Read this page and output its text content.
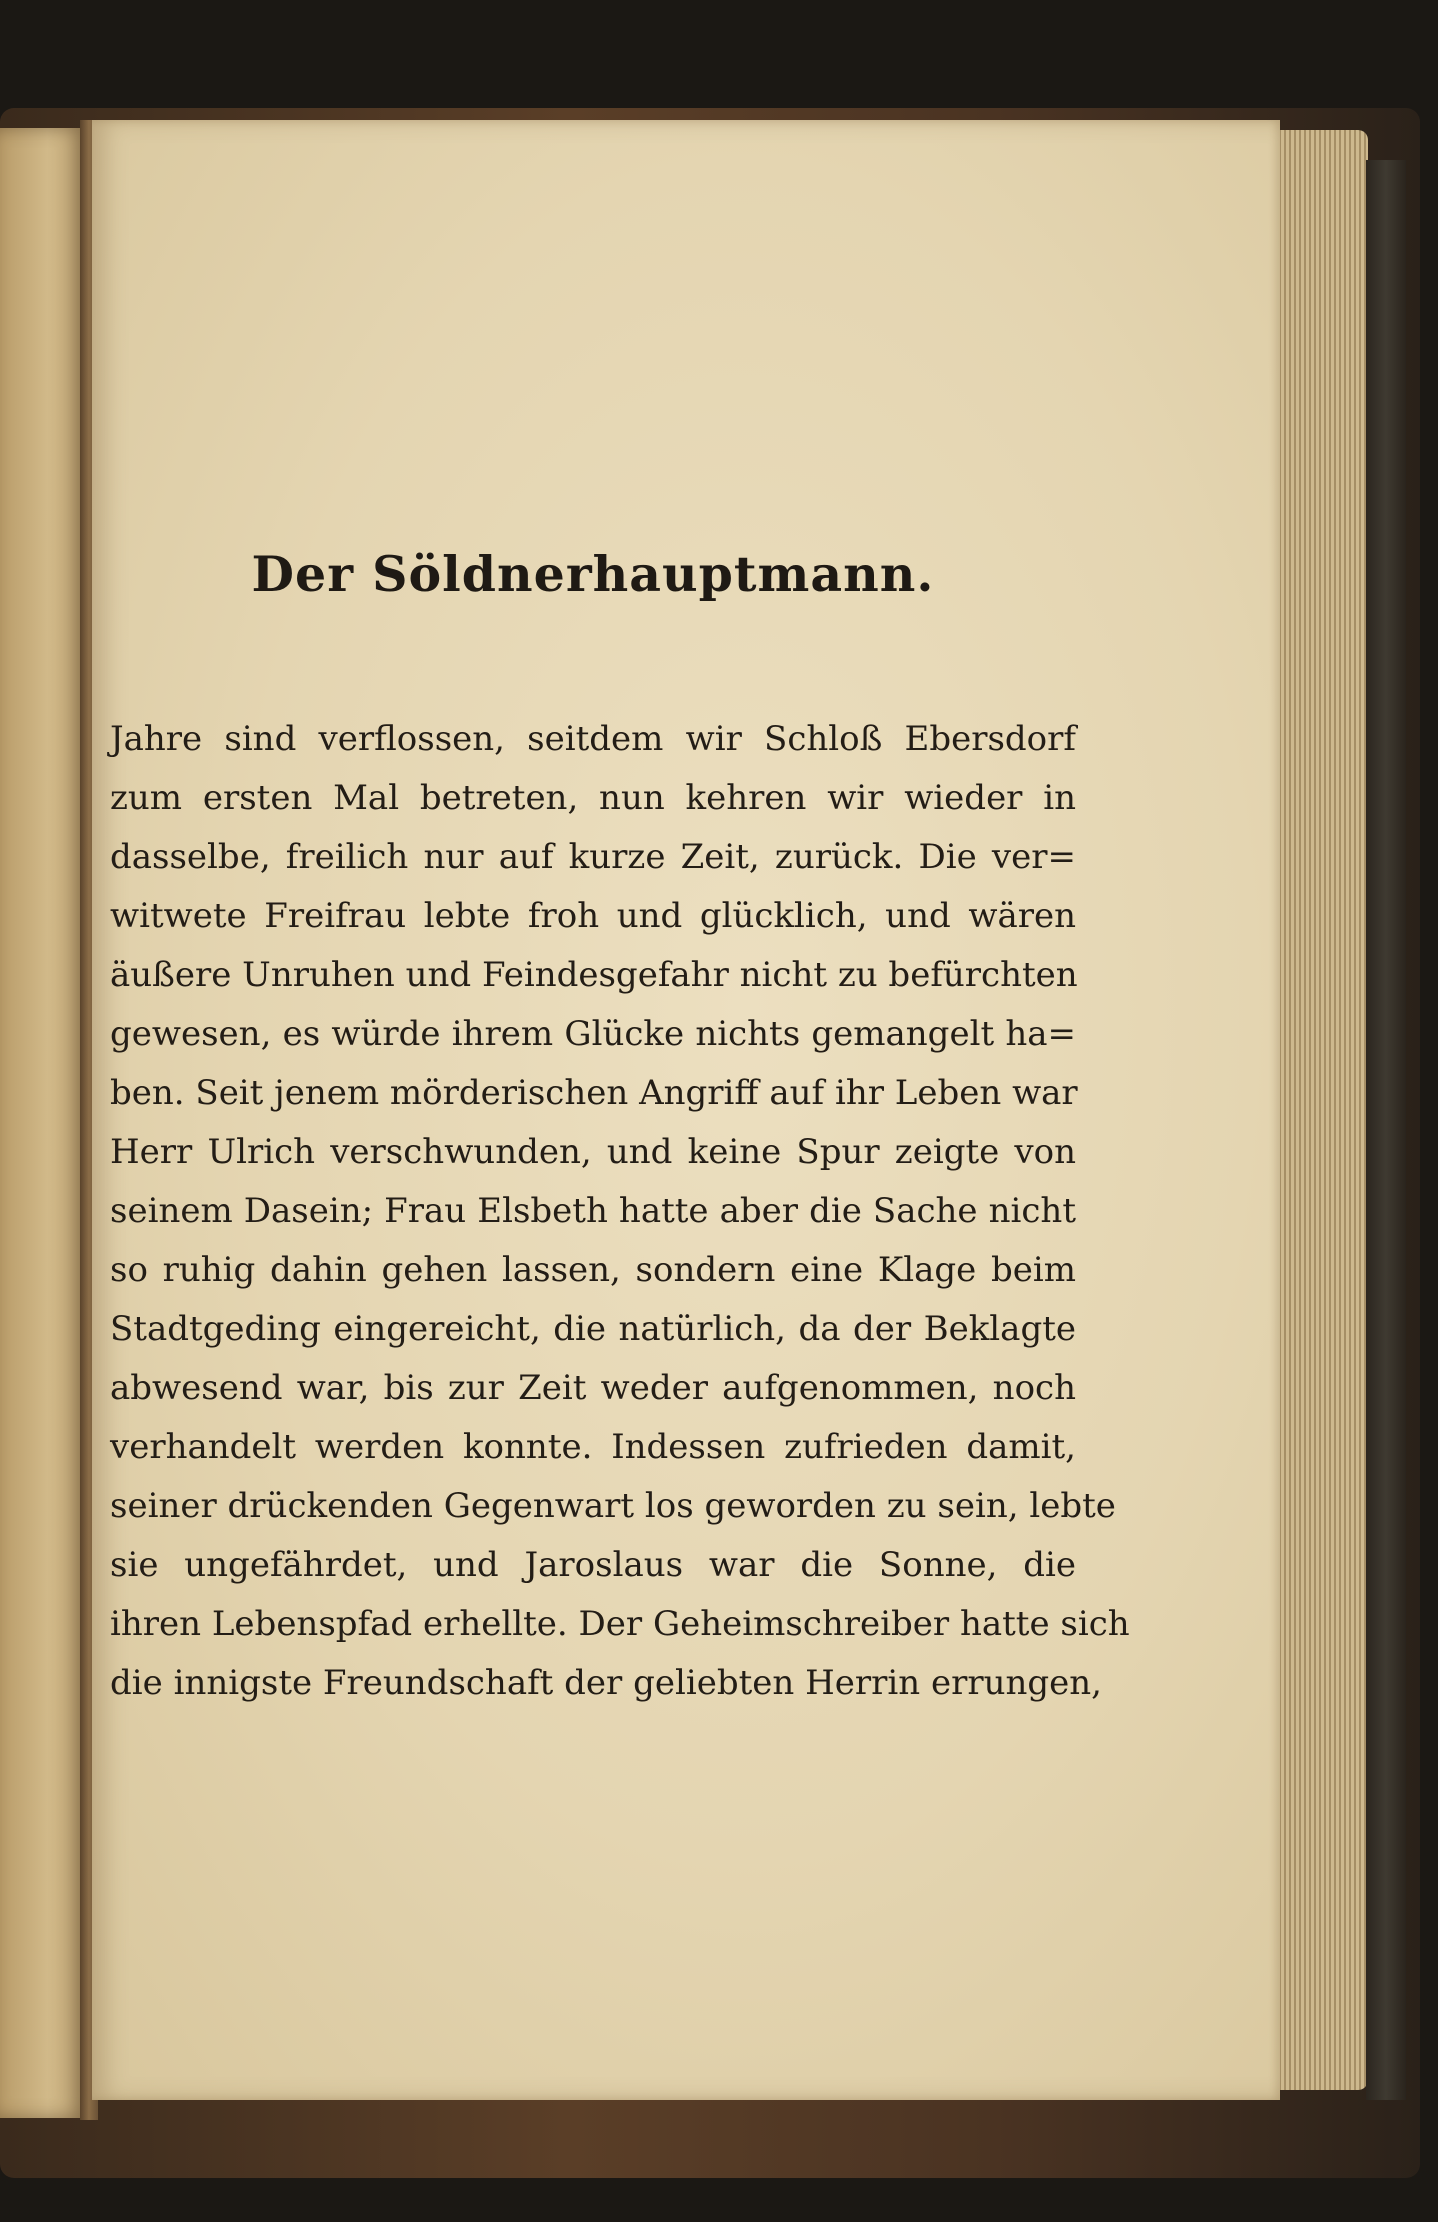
Der Söldnerhauptmann.
Jahre sind verflossen, seitdem wir Schloß Ebersdorf
zum ersten Mal betreten, nun kehren wir wieder in
dasselbe, freilich nur auf kurze Zeit, zurück. Die ver=
witwete Freifrau lebte froh und glücklich, und wären
äußere Unruhen und Feindesgefahr nicht zu befürchten
gewesen, es würde ihrem Glücke nichts gemangelt ha=
ben. Seit jenem mörderischen Angriff auf ihr Leben war
Herr Ulrich verschwunden, und keine Spur zeigte von
seinem Dasein; Frau Elsbeth hatte aber die Sache nicht
so ruhig dahin gehen lassen, sondern eine Klage beim
Stadtgeding eingereicht, die natürlich, da der Beklagte
abwesend war, bis zur Zeit weder aufgenommen, noch
verhandelt werden konnte. Indessen zufrieden damit,
seiner drückenden Gegenwart los geworden zu sein, lebte
sie ungefährdet, und Jaroslaus war die Sonne, die
ihren Lebenspfad erhellte. Der Geheimschreiber hatte sich
die innigste Freundschaft der geliebten Herrin errungen,
